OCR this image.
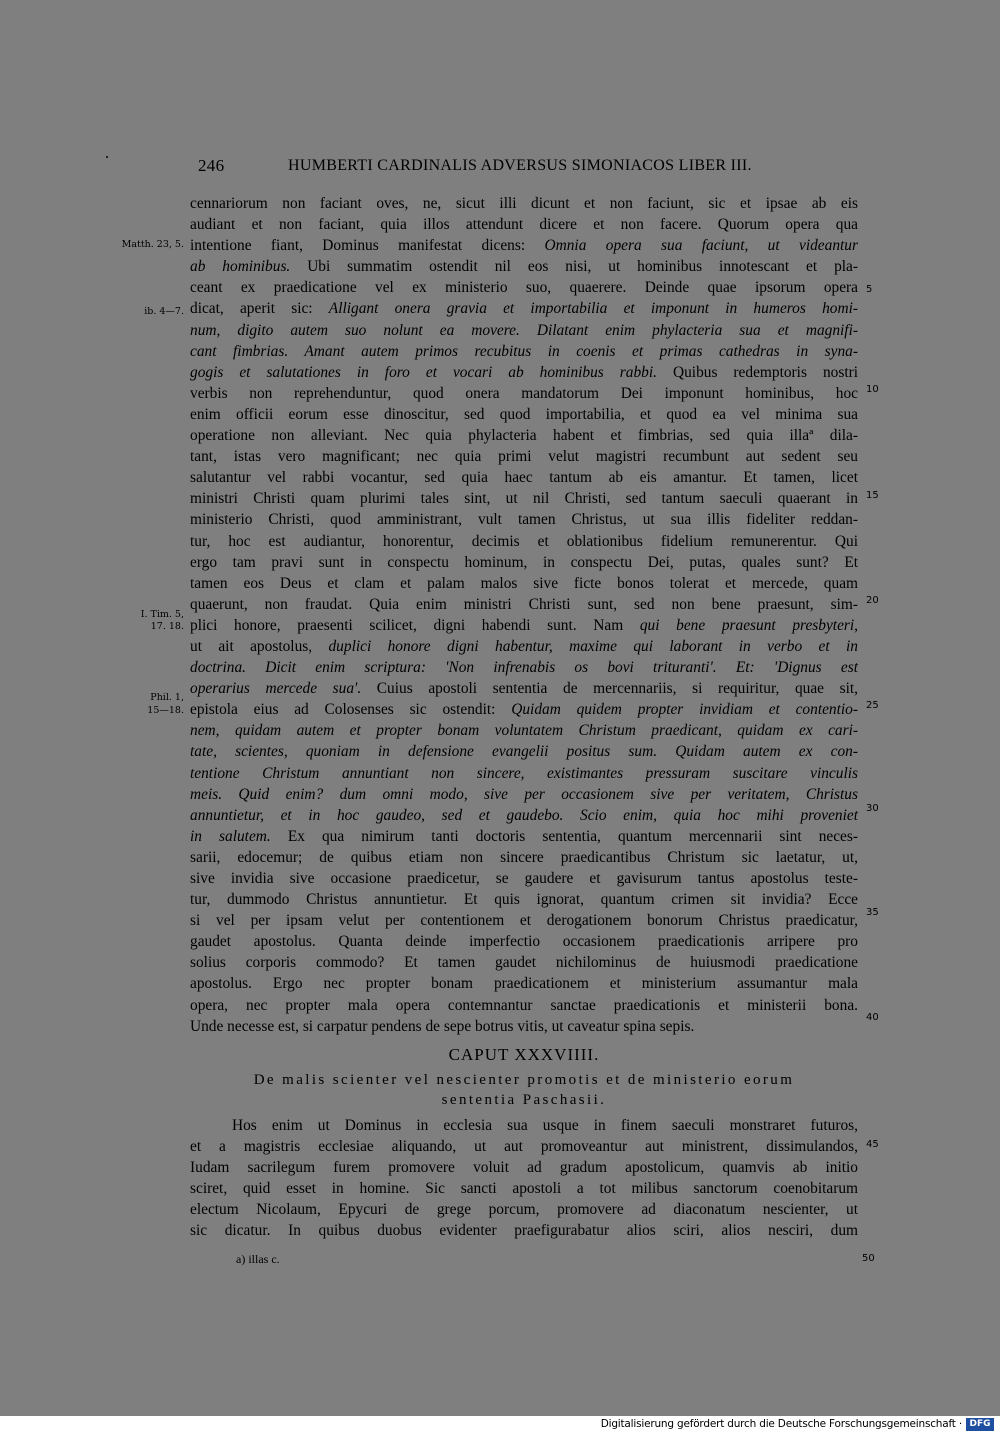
246	HUMBERTI CARDINALIS ADVERSUS SIMONIACOS LIBER III.
Matth. 23, 5.
ib. 4—7.
I. Tim. 5,
17. 18.
Phil. 1,
15—18.
5
10
15
20
25
30
35
40
45
cennariorum non faciant oves, ne, sicut illi dicunt et non faciunt, sic et ipsae ab eis
audiant et non faciant, quia illos attendunt dicere et non facere. Quorum opera qua
intentione fiant, Dominus manifestat dicens: Omnia opera sua faciunt, ut videantur
ab hominibus. Ubi summatim ostendit nil eos nisi, ut hominibus innotescant et pla-
ceant ex praedicatione vel ex ministerio suo, quaerere. Deinde quae ipsorum opera
dicat, aperit sic: Alligant onera gravia et importabilia et imponunt in humeros homi-
num, digito autem suo nolunt ea movere. Dilatant enim phylacteria sua et magnifi-
cant fimbrias. Amant autem primos recubitus in coenis et primas cathedras in syna-
gogis et salutationes in foro et vocari ab hominibus rabbi. Quibus redemptoris nostri
verbis non reprehenduntur, quod onera mandatorum Dei imponunt hominibus, hoc
enim officii eorum esse dinoscitur, sed quod importabilia, et quod ea vel minima sua
operatione non alleviant. Nec quia phylacteria habent et fimbrias, sed quia illaª dila-
tant, istas vero magnificant; nec quia primi velut magistri recumbunt aut sedent seu
salutantur vel rabbi vocantur, sed quia haec tantum ab eis amantur. Et tamen, licet
ministri Christi quam plurimi tales sint, ut nil Christi, sed tantum saeculi quaerant in
ministerio Christi, quod amministrant, vult tamen Christus, ut sua illis fideliter reddan-
tur, hoc est audiantur, honorentur, decimis et oblationibus fidelium remunerentur. Qui
ergo tam pravi sunt in conspectu hominum, in conspectu Dei, putas, quales sunt? Et
tamen eos Deus et clam et palam malos sive ficte bonos tolerat et mercede, quam
quaerunt, non fraudat. Quia enim ministri Christi sunt, sed non bene praesunt, sim-
plici honore, praesenti scilicet, digni habendi sunt. Nam qui bene praesunt presbyteri,
ut ait apostolus, duplici honore digni habentur, maxime qui laborant in verbo et in
doctrina. Dicit enim scriptura: 'Non infrenabis os bovi trituranti'. Et: 'Dignus est
operarius mercede sua'. Cuius apostoli sententia de mercennariis, si requiritur, quae sit,
epistola eius ad Colosenses sic ostendit: Quidam quidem propter invidiam et contentio-
nem, quidam autem et propter bonam voluntatem Christum praedicant, quidam ex cari-
tate, scientes, quoniam in defensione evangelii positus sum. Quidam autem ex con-
tentione Christum annuntiant non sincere, existimantes pressuram suscitare vinculis
meis. Quid enim? dum omni modo, sive per occasionem sive per veritatem, Christus
annuntietur, et in hoc gaudeo, sed et gaudebo. Scio enim, quia hoc mihi proveniet
in salutem. Ex qua nimirum tanti doctoris sententia, quantum mercennarii sint neces-
sarii, edocemur; de quibus etiam non sincere praedicantibus Christum sic laetatur, ut,
sive invidia sive occasione praedicetur, se gaudere et gavisurum tantus apostolus teste-
tur, dummodo Christus annuntietur. Et quis ignorat, quantum crimen sit invidia? Ecce
si vel per ipsam velut per contentionem et derogationem bonorum Christus praedicatur,
gaudet apostolus. Quanta deinde imperfectio occasionem praedicationis arripere pro
solius corporis commodo? Et tamen gaudet nichilominus de huiusmodi praedicatione
apostolus. Ergo nec propter bonam praedicationem et ministerium assumantur mala
opera, nec propter mala opera contemnantur sanctae praedicationis et ministerii bona.
Unde necesse est, si carpatur pendens de sepe botrus vitis, ut caveatur spina sepis.
CAPUT XXXVIIII.
De malis scienter vel nescienter promotis et de ministerio eorum
sententia Paschasii.
Hos enim ut Dominus in ecclesia sua usque in finem saeculi monstraret futuros,
et a magistris ecclesiae aliquando, ut aut promoveantur aut ministrent, dissimulandos,
Iudam sacrilegum furem promovere voluit ad gradum apostolicum, quamvis ab initio
sciret, quid esset in homine. Sic sancti apostoli a tot milibus sanctorum coenobitarum
electum Nicolaum, Epycuri de grege porcum, promovere ad diaconatum nescienter, ut
sic dicatur. In quibus duobus evidenter praefigurabatur alios sciri, alios nesciri, dum
a) illas c.	50
Digitalisierung gefördert durch die Deutsche Forschungsgemeinschaft · DFG
